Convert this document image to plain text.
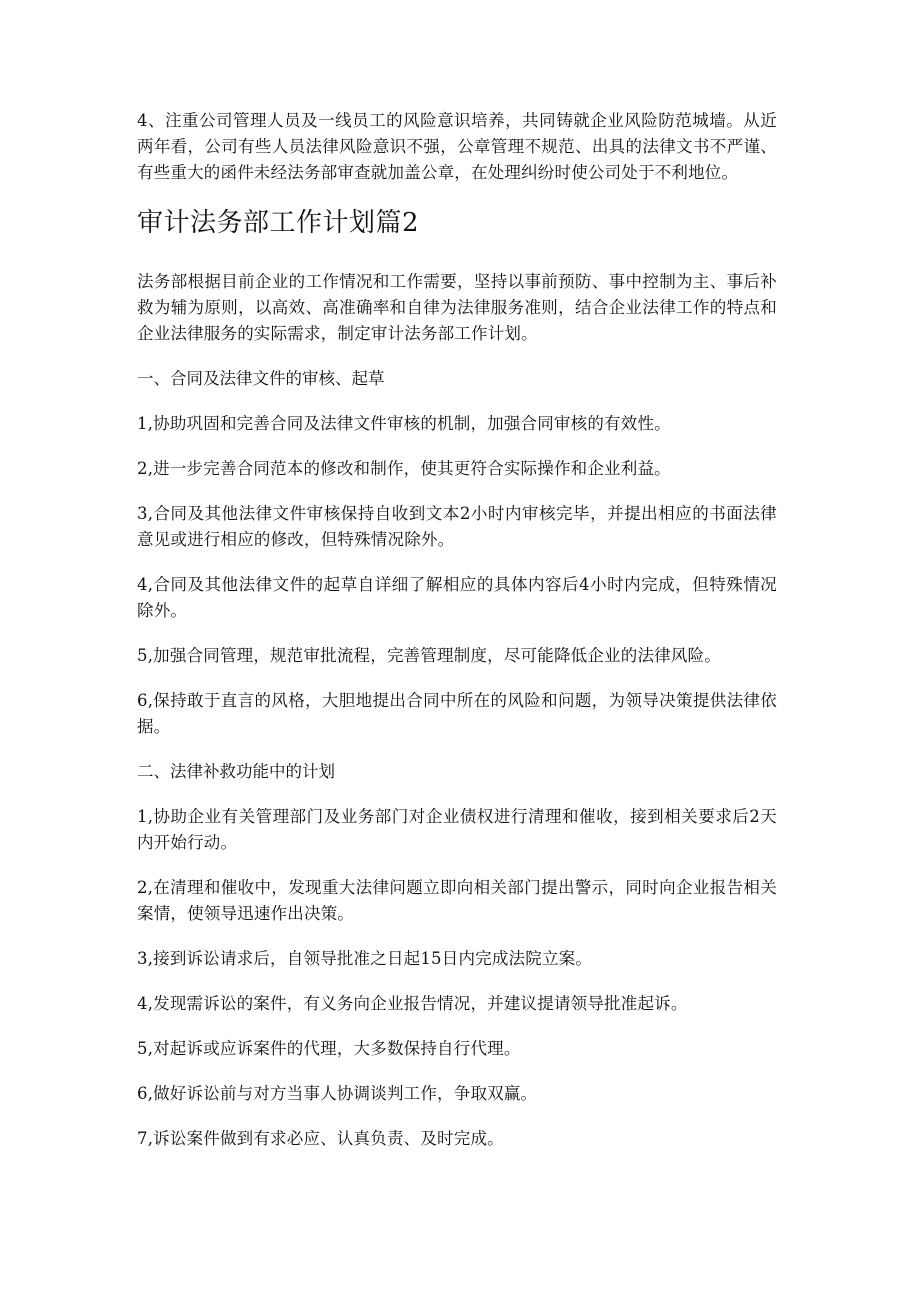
4、注重公司管理人员及一线员工的风险意识培养，共同铸就企业风险防范城墙。从近两年看，公司有些人员法律风险意识不强，公章管理不规范、出具的法律文书不严谨、有些重大的函件未经法务部审查就加盖公章，在处理纠纷时使公司处于不利地位。

审计法务部工作计划篇2

法务部根据目前企业的工作情况和工作需要，坚持以事前预防、事中控制为主、事后补救为辅为原则，以高效、高准确率和自律为法律服务准则，结合企业法律工作的特点和企业法律服务的实际需求，制定审计法务部工作计划。

一、合同及法律文件的审核、起草

1,协助巩固和完善合同及法律文件审核的机制，加强合同审核的有效性。

2,进一步完善合同范本的修改和制作，使其更符合实际操作和企业利益。

3,合同及其他法律文件审核保持自收到文本2小时内审核完毕，并提出相应的书面法律意见或进行相应的修改，但特殊情况除外。

4,合同及其他法律文件的起草自详细了解相应的具体内容后4小时内完成，但特殊情况除外。

5,加强合同管理，规范审批流程，完善管理制度，尽可能降低企业的法律风险。

6,保持敢于直言的风格，大胆地提出合同中所在的风险和问题，为领导决策提供法律依据。

二、法律补救功能中的计划

1,协助企业有关管理部门及业务部门对企业债权进行清理和催收，接到相关要求后2天内开始行动。

2,在清理和催收中，发现重大法律问题立即向相关部门提出警示，同时向企业报告相关案情，使领导迅速作出决策。

3,接到诉讼请求后，自领导批准之日起15日内完成法院立案。

4,发现需诉讼的案件，有义务向企业报告情况，并建议提请领导批准起诉。

5,对起诉或应诉案件的代理，大多数保持自行代理。

6,做好诉讼前与对方当事人协调谈判工作，争取双赢。

7,诉讼案件做到有求必应、认真负责、及时完成。
